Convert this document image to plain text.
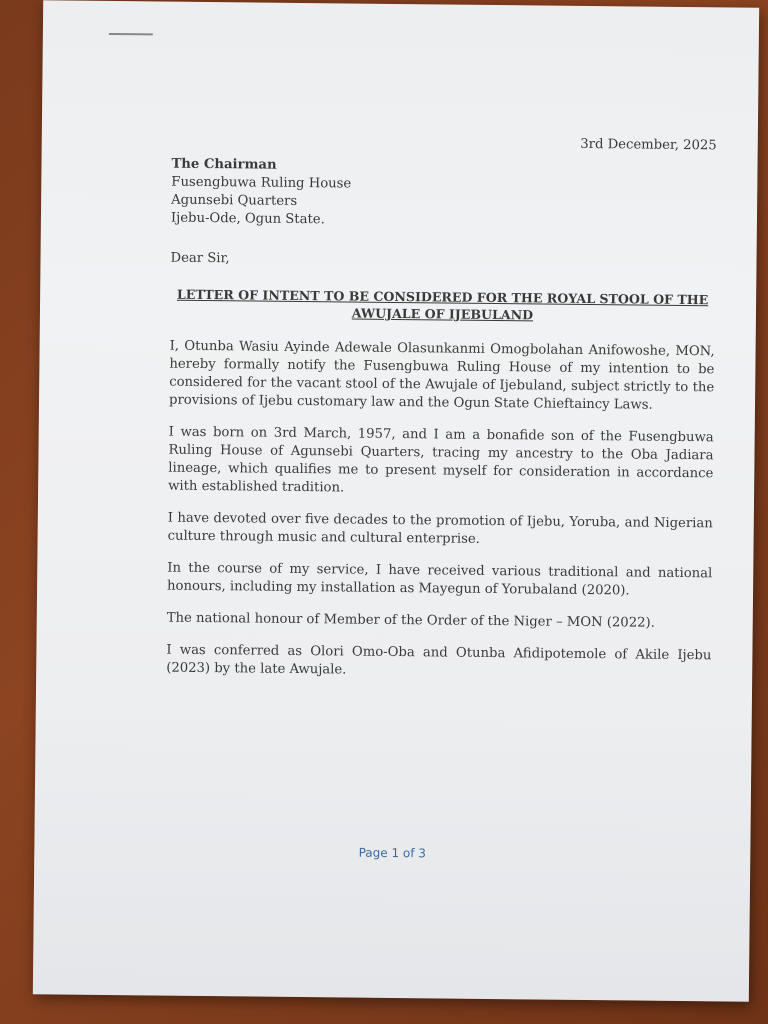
3rd December, 2025

The Chairman

Fusengbuwa Ruling House

Agunsebi Quarters

Ijebu-Ode, Ogun State.

Dear Sir,

LETTER OF INTENT TO BE CONSIDERED FOR THE ROYAL STOOL OF THE AWUJALE OF IJEBULAND

I, Otunba Wasiu Ayinde Adewale Olasunkanmi Omogbolahan Anifowoshe, MON, hereby formally notify the Fusengbuwa Ruling House of my intention to be considered for the vacant stool of the Awujale of Ijebuland, subject strictly to the provisions of Ijebu customary law and the Ogun State Chieftaincy Laws.

I was born on 3rd March, 1957, and I am a bonafide son of the Fusengbuwa Ruling House of Agunsebi Quarters, tracing my ancestry to the Oba Jadiara lineage, which qualifies me to present myself for consideration in accordance with established tradition.

I have devoted over five decades to the promotion of Ijebu, Yoruba, and Nigerian culture through music and cultural enterprise.

In the course of my service, I have received various traditional and national honours, including my installation as Mayegun of Yorubaland (2020).

The national honour of Member of the Order of the Niger – MON (2022).

I was conferred as Olori Omo-Oba and Otunba Afidipotemole of Akile Ijebu (2023) by the late Awujale.

Page 1 of 3
